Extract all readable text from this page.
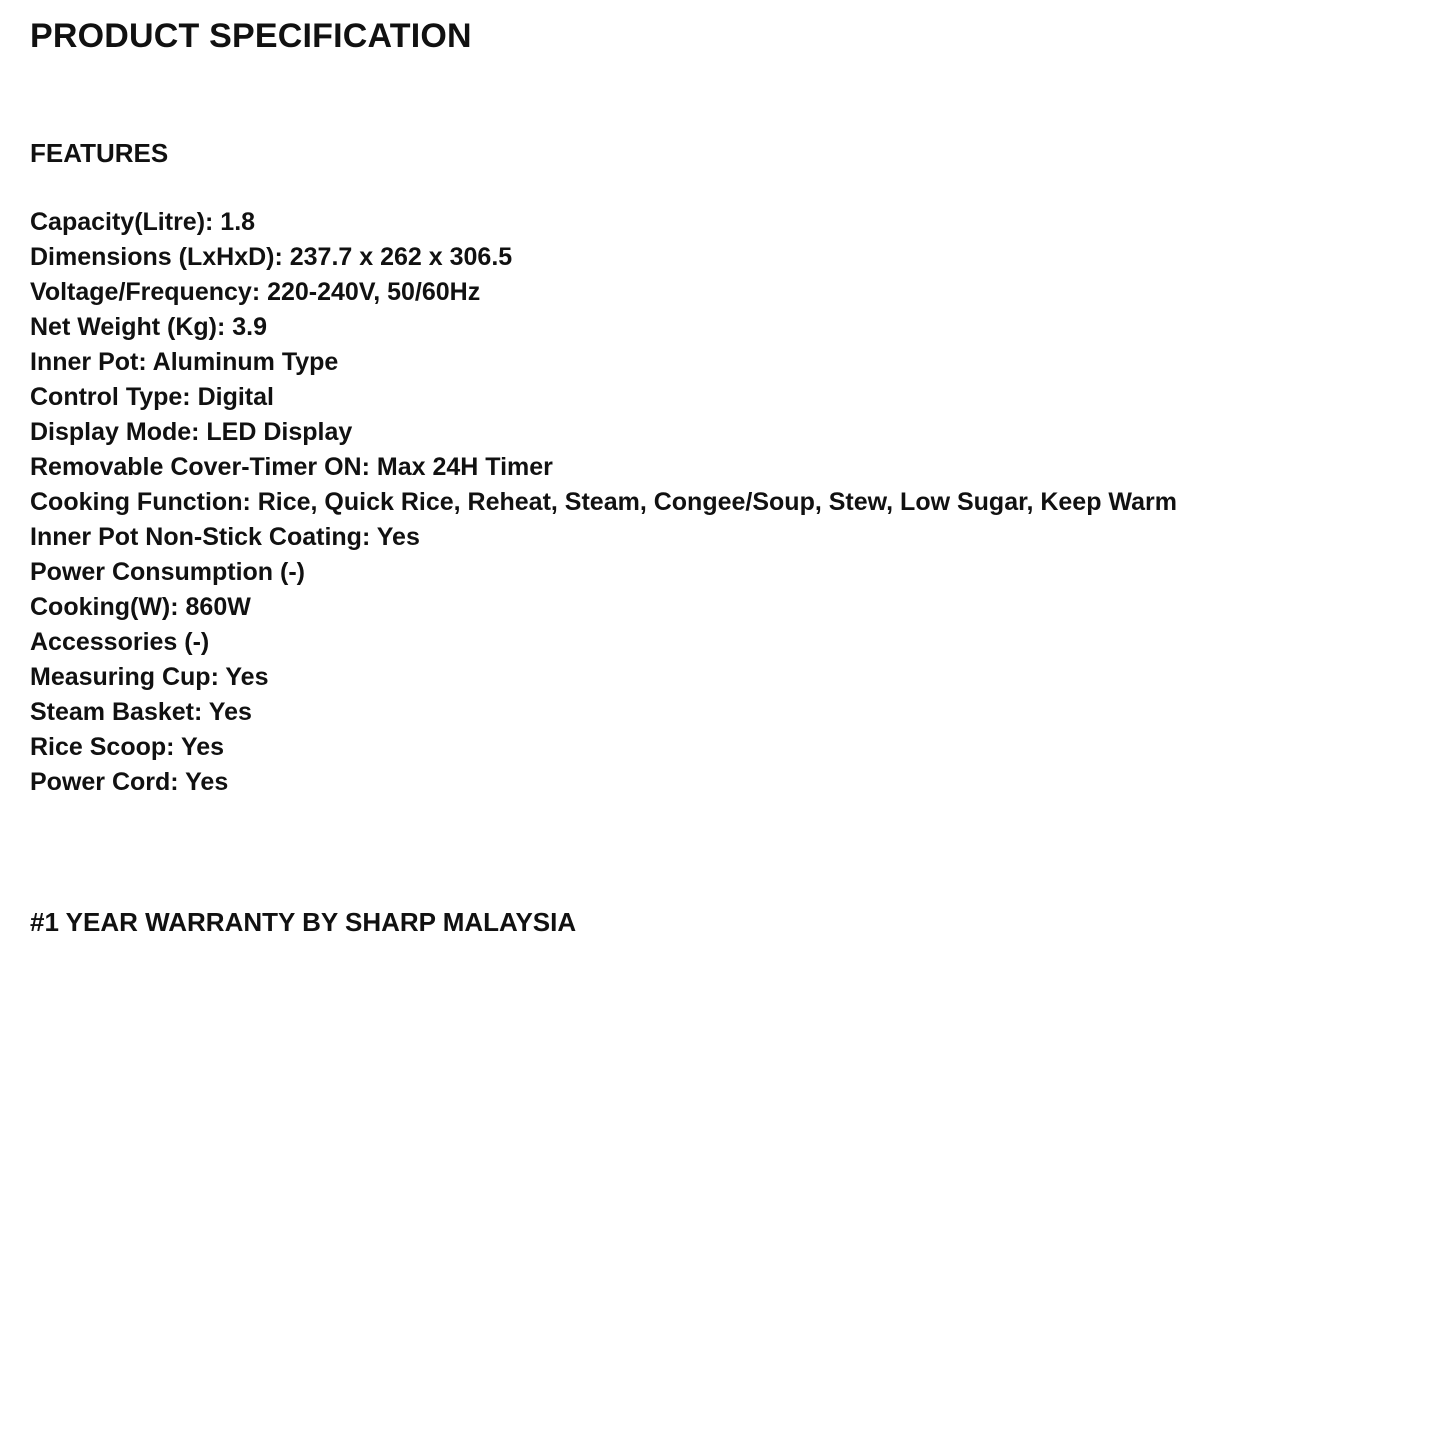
PRODUCT SPECIFICATION
FEATURES
Capacity(Litre): 1.8
Dimensions (LxHxD): 237.7 x 262 x 306.5
Voltage/Frequency: 220-240V, 50/60Hz
Net Weight (Kg): 3.9
Inner Pot: Aluminum Type
Control Type: Digital
Display Mode: LED Display
Removable Cover-Timer ON: Max 24H Timer
Cooking Function: Rice, Quick Rice, Reheat, Steam, Congee/Soup, Stew, Low Sugar, Keep Warm
Inner Pot Non-Stick Coating: Yes
Power Consumption (-)
Cooking(W): 860W
Accessories (-)
Measuring Cup: Yes
Steam Basket: Yes
Rice Scoop: Yes
Power Cord: Yes

#1 YEAR WARRANTY BY SHARP MALAYSIA
